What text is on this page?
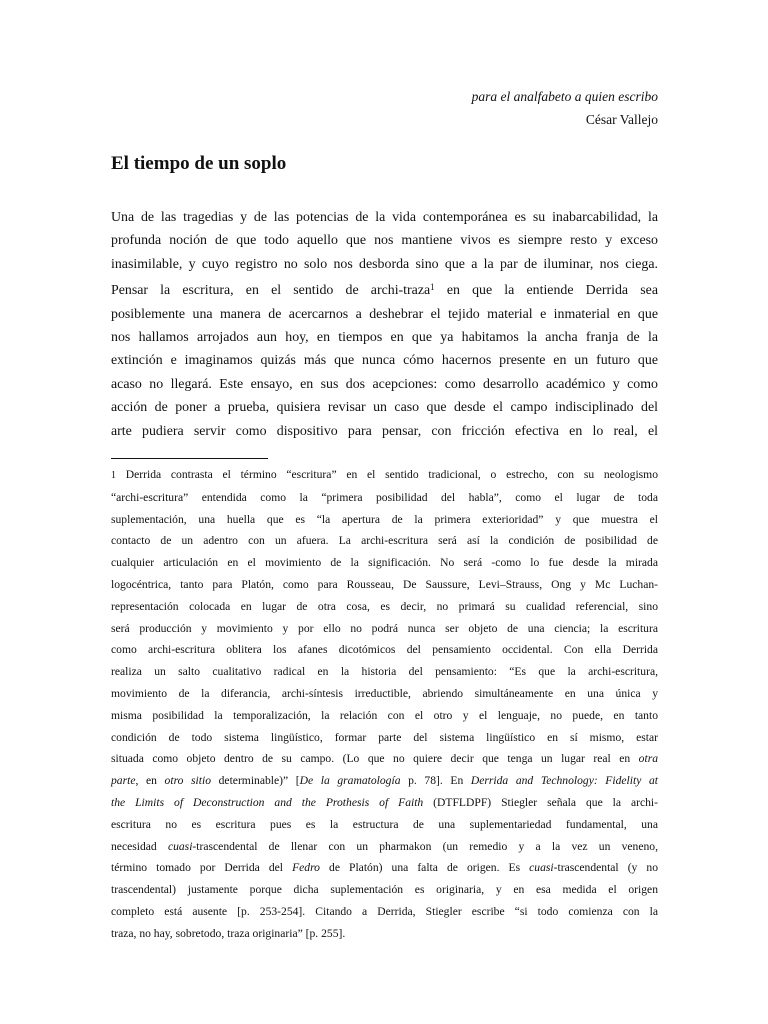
para el analfabeto a quien escribo
César Vallejo
El tiempo de un soplo

Una de las tragedias y de las potencias de la vida contemporánea es su inabarcabilidad, la
profunda noción de que todo aquello que nos mantiene vivos es siempre resto y exceso
inasimilable, y cuyo registro no solo nos desborda sino que a la par de iluminar, nos ciega.
Pensar la escritura, en el sentido de archi-traza$^1$ en que la entiende Derrida sea
posiblemente una manera de acercarnos a deshebrar el tejido material e inmaterial en que
nos hallamos arrojados aun hoy, en tiempos en que ya habitamos la ancha franja de la
extinción e imaginamos quizás más que nunca cómo hacernos presente en un futuro que
acaso no llegará. Este ensayo, en sus dos acepciones: como desarrollo académico y como
acción de poner a prueba, quisiera revisar un caso que desde el campo indisciplinado del
arte pudiera servir como dispositivo para pensar, con fricción efectiva en lo real, el

1 Derrida contrasta el término “escritura” en el sentido tradicional, o estrecho, con su neologismo
“archi-escritura” entendida como la “primera posibilidad del habla”, como el lugar de toda
suplementación, una huella que es “la apertura de la primera exterioridad” y que muestra el
contacto de un adentro con un afuera. La archi-escritura será así la condición de posibilidad de
cualquier articulación en el movimiento de la significación. No será -como lo fue desde la mirada
logocéntrica, tanto para Platón, como para Rousseau, De Saussure, Levi–Strauss, Ong y Mc Luchan-
representación colocada en lugar de otra cosa, es decir, no primará su cualidad referencial, sino
será producción y movimiento y por ello no podrá nunca ser objeto de una ciencia; la escritura
como archi-escritura oblitera los afanes dicotómicos del pensamiento occidental. Con ella Derrida
realiza un salto cualitativo radical en la historia del pensamiento: “Es que la archi-escritura,
movimiento de la diferancia, archi-síntesis irreductible, abriendo simultáneamente en una única y
misma posibilidad la temporalización, la relación con el otro y el lenguaje, no puede, en tanto
condición de todo sistema lingüístico, formar parte del sistema lingüístico en sí mismo, estar
situada como objeto dentro de su campo. (Lo que no quiere decir que tenga un lugar real en otra
parte, en otro sitio determinable)” [De la gramatología p. 78]. En Derrida and Technology: Fidelity at
the Limits of Deconstruction and the Prothesis of Faith (DTFLDPF) Stiegler señala que la archi-
escritura no es escritura pues es la estructura de una suplementariedad fundamental, una
necesidad cuasi-trascendental de llenar con un pharmakon (un remedio y a la vez un veneno,
término tomado por Derrida del Fedro de Platón) una falta de origen. Es cuasi-trascendental (y no
trascendental) justamente porque dicha suplementación es originaria, y en esa medida el origen
completo está ausente [p. 253-254]. Citando a Derrida, Stiegler escribe “si todo comienza con la
traza, no hay, sobretodo, traza originaria” [p. 255].
